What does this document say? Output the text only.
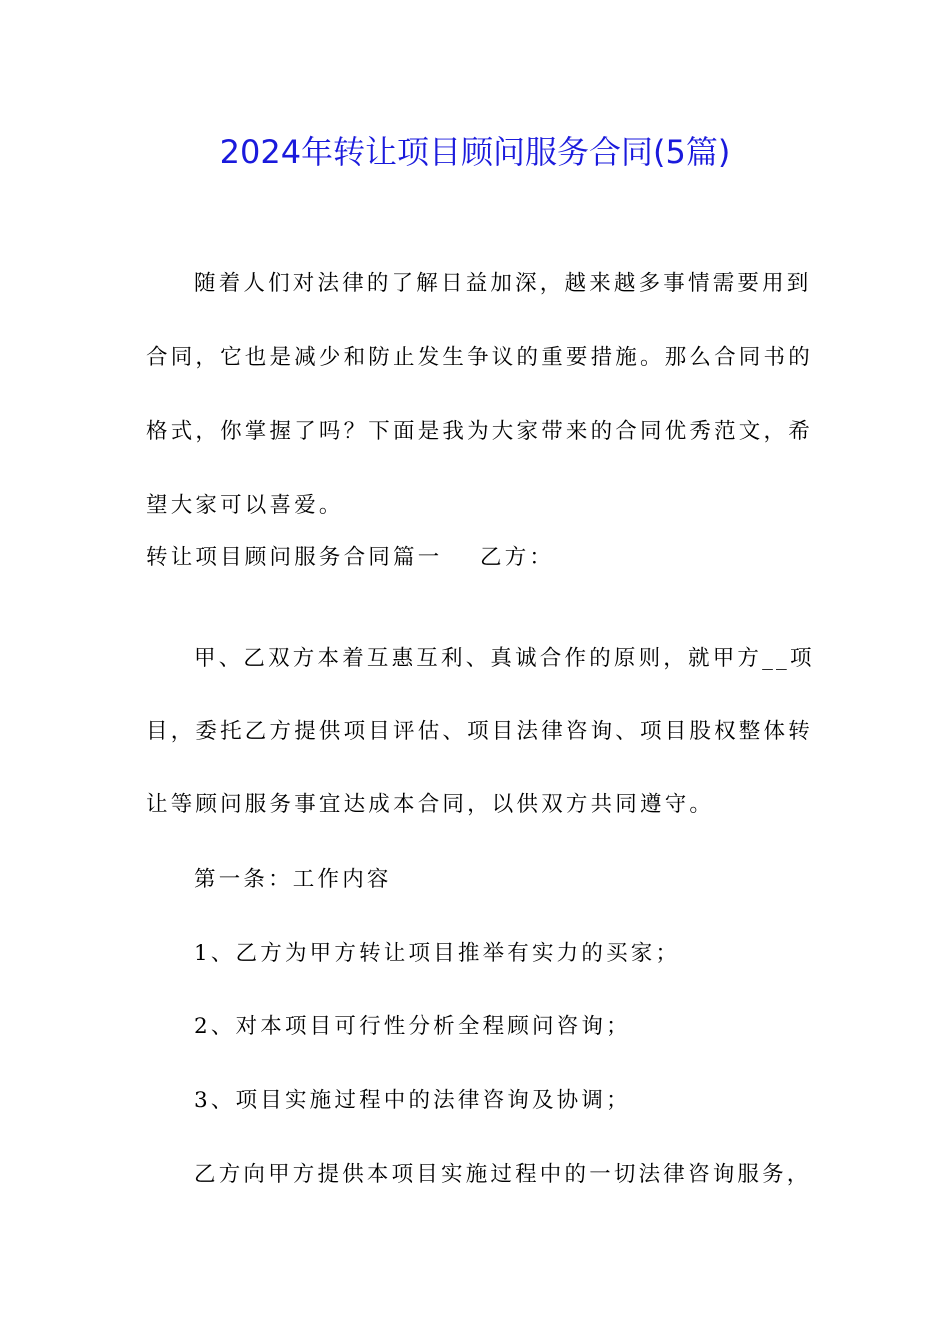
2024年转让项目顾问服务合同(5篇)
随着人们对法律的了解日益加深，越来越多事情需要用到
合同，它也是减少和防止发生争议的重要措施。那么合同书的
格式，你掌握了吗？下面是我为大家带来的合同优秀范文，希
望大家可以喜爱。
转让项目顾问服务合同篇一 乙方：
甲、乙双方本着互惠互利、真诚合作的原则，就甲方__项
目，委托乙方提供项目评估、项目法律咨询、项目股权整体转
让等顾问服务事宜达成本合同，以供双方共同遵守。
第一条：工作内容
1、乙方为甲方转让项目推举有实力的买家；
2、对本项目可行性分析全程顾问咨询；
3、项目实施过程中的法律咨询及协调；
乙方向甲方提供本项目实施过程中的一切法律咨询服务，
